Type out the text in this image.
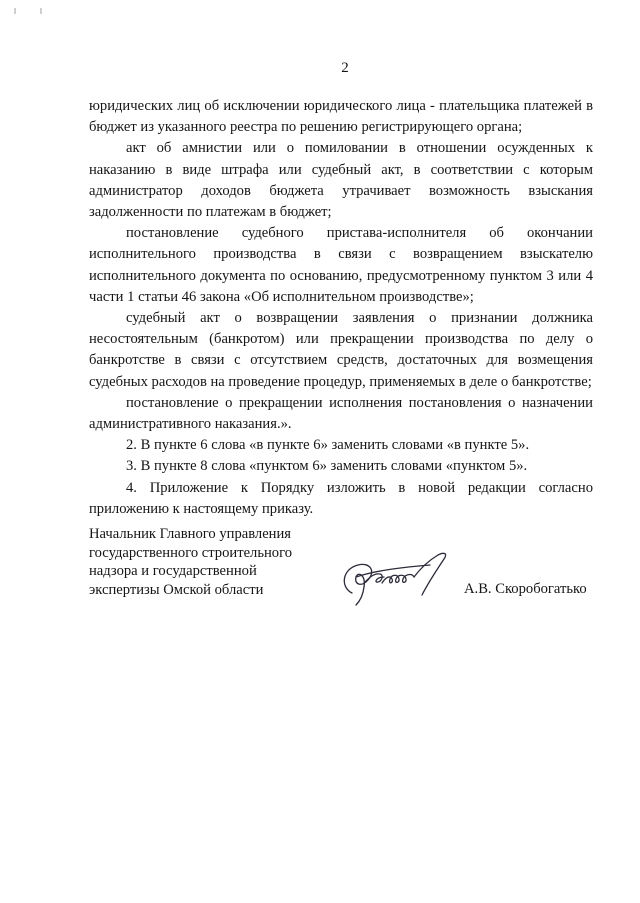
2

юридических лиц об исключении юридического лица - плательщика платежей в бюджет из указанного реестра по решению регистрирующего органа;

акт об амнистии или о помиловании в отношении осужденных к наказанию в виде штрафа или судебный акт, в соответствии с которым администратор доходов бюджета утрачивает возможность взыскания задолженности по платежам в бюджет;

постановление судебного пристава-исполнителя об окончании исполнительного производства в связи с возвращением взыскателю исполнительного документа по основанию, предусмотренному пунктом 3 или 4 части 1 статьи 46 закона «Об исполнительном производстве»;

судебный акт о возвращении заявления о признании должника несостоятельным (банкротом) или прекращении производства по делу о банкротстве в связи с отсутствием средств, достаточных для возмещения судебных расходов на проведение процедур, применяемых в деле о банкротстве;

постановление о прекращении исполнения постановления о назначении административного наказания.».

2. В пункте 6 слова «в пункте 6» заменить словами «в пункте 5».

3. В пункте 8 слова «пунктом 6» заменить словами «пунктом 5».

4. Приложение к Порядку изложить в новой редакции согласно приложению к настоящему приказу.

Начальник Главного управления
государственного строительного
надзора и государственной
экспертизы Омской области	А.В. Скоробогатько
